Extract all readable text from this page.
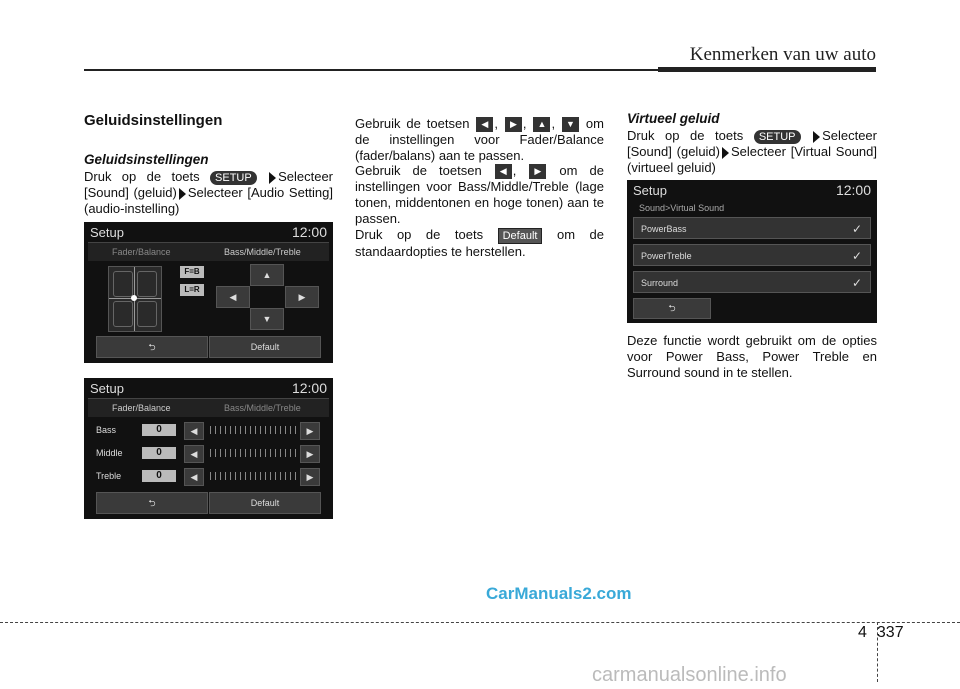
Kenmerken van uw auto
Geluidsinstellingen
Geluidsinstellingen
Druk op de toets SETUP Selecteer [Sound] (geluid) Selecteer [Audio Setting] (audio-instelling)
Setup	12:00
Fader/Balance	Bass/Middle/Treble
F=B
L=R
▲
◀	▶
▼
⮌	Default
Setup	12:00
Fader/Balance	Bass/Middle/Treble
Bass	0	◀	▶
Middle	0	◀	▶
Treble	0	◀	▶
⮌	Default
Gebruik de toetsen ◀ , ▶ , ▲ , ▼ om de instellingen voor Fader/Balance (fader/balans) aan te passen.
Gebruik de toetsen ◀ , ▶ om de instellingen voor Bass/Middle/Treble (lage tonen, middentonen en hoge tonen) aan te passen.
Druk op de toets Default om de standaardopties te herstellen.
Virtueel geluid
Druk op de toets SETUP Selecteer [Sound] (geluid) Selecteer [Virtual Sound] (virtueel geluid)
Setup	12:00
Sound>Virtual Sound
PowerBass	✓
PowerTreble	✓
Surround	✓
⮌
Deze functie wordt gebruikt om de opties voor Power Bass, Power Treble en Surround sound in te stellen.
CarManuals2.com
4 337
carmanualsonline.info
